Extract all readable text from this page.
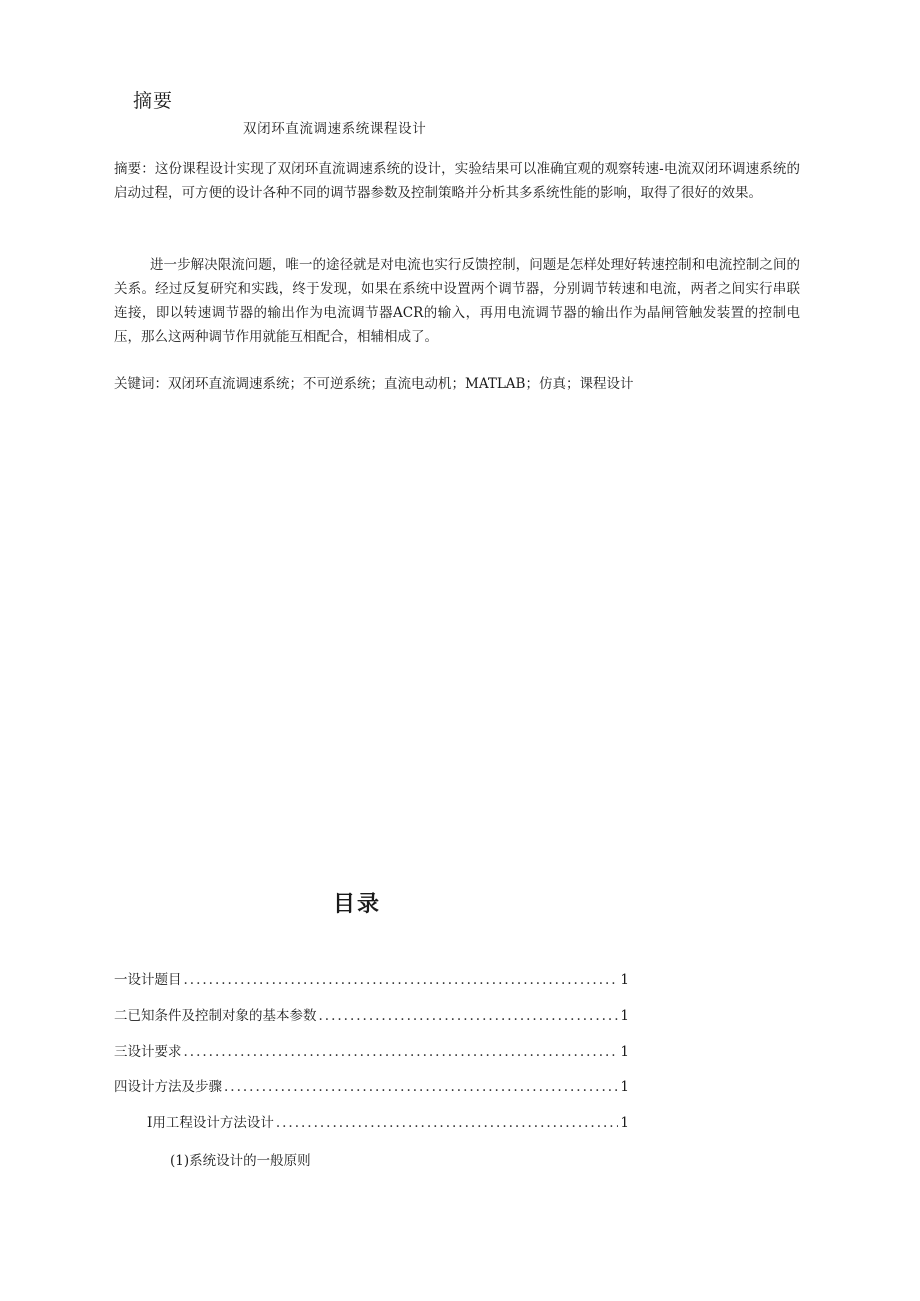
摘要
双闭环直流调速系统课程设计

摘要：这份课程设计实现了双闭环直流调速系统的设计，实验结果可以准确宜观的观察转速-电流双闭环调速系统的启动过程，可方便的设计各种不同的调节器参数及控制策略并分析其多系统性能的影响，取得了很好的效果。

进一步解决限流问题，唯一的途径就是对电流也实行反馈控制，问题是怎样处理好转速控制和电流控制之间的关系。经过反复研究和实践，终于发现，如果在系统中设置两个调节器，分别调节转速和电流，两者之间实行串联连接，即以转速调节器的输出作为电流调节器ACR的输入，再用电流调节器的输出作为晶闸管触发装置的控制电压，那么这两种调节作用就能互相配合，相辅相成了。

关键词：双闭环直流调速系统；不可逆系统；直流电动机；MATLAB；仿真；课程设计
目录
一设计题目 .....	1
二已知条件及控制对象的基本参数 .....	1
三设计要求 .....	1
四设计方法及步骤 .....	1
I用工程设计方法设计 .....	1
(1)系统设计的一般原则
